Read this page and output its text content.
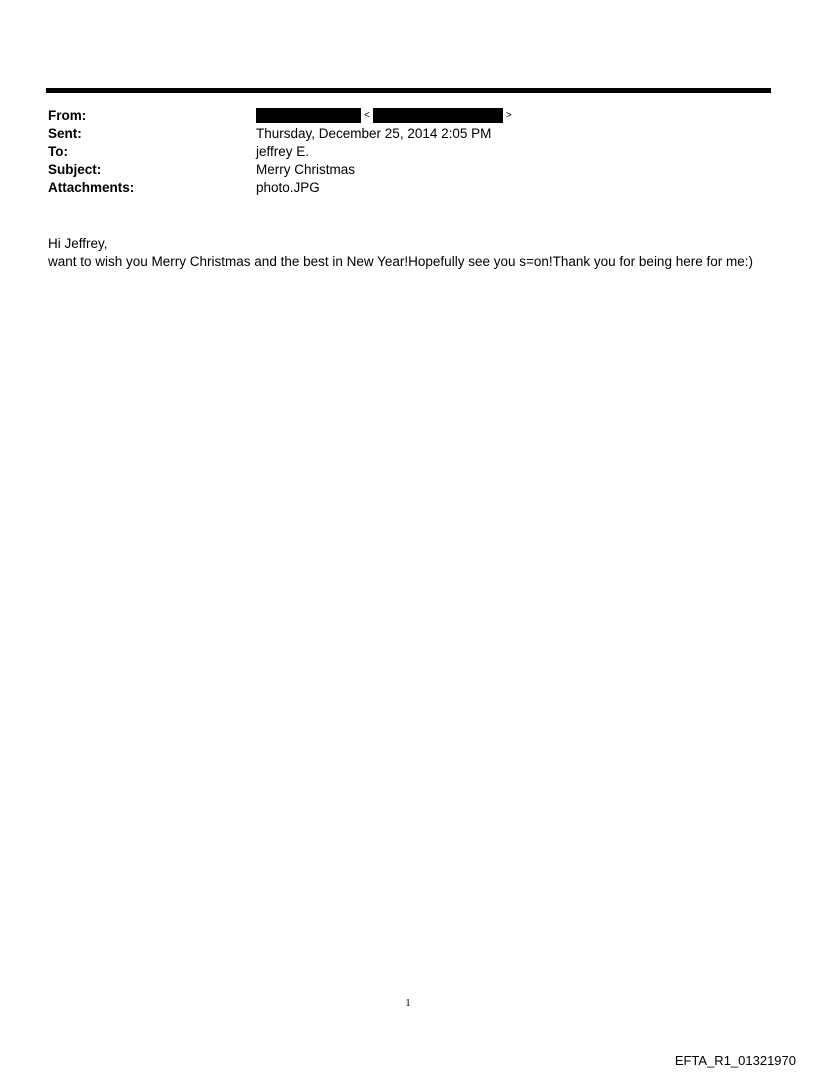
From:	<	>
Sent:	Thursday, December 25, 2014 2:05 PM
To:	jeffrey E.
Subject:	Merry Christmas
Attachments:	photo.JPG
Hi Jeffrey,
want to wish you Merry Christmas and the best in New Year!Hopefully see you s=on!Thank you for being here for me:)
1
EFTA_R1_01321970
